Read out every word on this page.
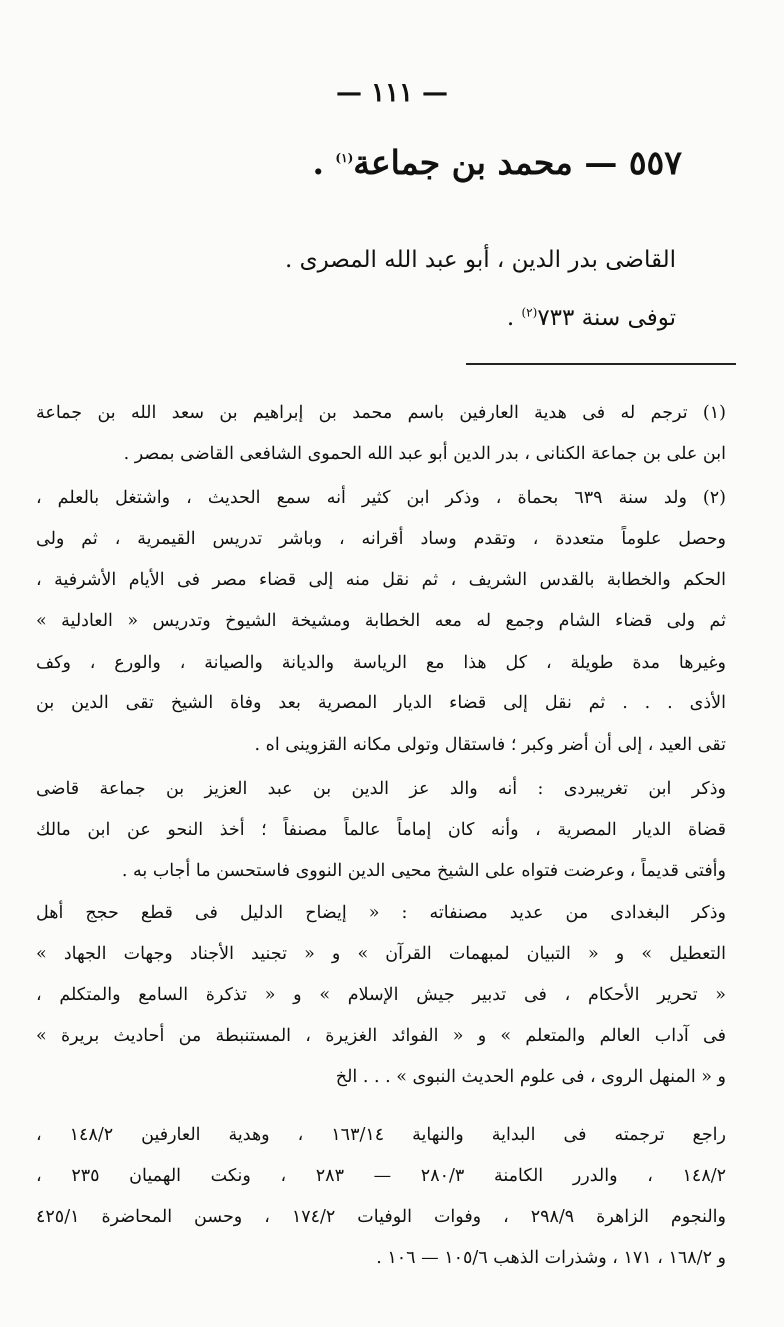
— ١١١ —
٥٥٧ — محمد بن جماعة$^{(١)}$ .
القاضى بدر الدين ، أبو عبد الله المصرى .
توفى سنة ٧٣٣$^{(٢)}$ .
(١) ترجم له فى هدية العارفين باسم محمد بن إبراهيم بن سعد الله بن جماعة
ابن على بن جماعة الكنانى ، بدر الدين أبو عبد الله الحموى الشافعى القاضى بمصر .
(٢) ولد سنة ٦٣٩ بحماة ، وذكر ابن كثير أنه سمع الحديث ، واشتغل بالعلم ،
وحصل علوماً متعددة ، وتقدم وساد أقرانه ، وباشر تدريس القيمرية ، ثم ولى
الحكم والخطابة بالقدس الشريف ، ثم نقل منه إلى قضاء مصر فى الأيام الأشرفية ،
ثم ولى قضاء الشام وجمع له معه الخطابة ومشيخة الشيوخ وتدريس « العادلية »
وغيرها مدة طويلة ، كل هذا مع الرياسة والديانة والصيانة ، والورع ، وكف
الأذى . . . ثم نقل إلى قضاء الديار المصرية بعد وفاة الشيخ تقى الدين بن
تقى العيد ، إلى أن أضر وكبر ؛ فاستقال وتولى مكانه القزوينى اه .
وذكر ابن تغريبردى : أنه والد عز الدين بن عبد العزيز بن جماعة قاضى
قضاة الديار المصرية ، وأنه كان إماماً عالماً مصنفاً ؛ أخذ النحو عن ابن مالك
وأفتى قديماً ، وعرضت فتواه على الشيخ محيى الدين النووى فاستحسن ما أجاب به .
وذكر البغدادى من عديد مصنفاته : « إيضاح الدليل فى قطع حجج أهل
التعطيل » و « التبيان لمبهمات القرآن » و « تجنيد الأجناد وجهات الجهاد »
« تحرير الأحكام ، فى تدبير جيش الإسلام » و « تذكرة السامع والمتكلم ،
فى آداب العالم والمتعلم » و « الفوائد الغزيرة ، المستنبطة من أحاديث بريرة »
و « المنهل الروى ، فى علوم الحديث النبوى » . . . الخ
راجع ترجمته فى البداية والنهاية ١٦٣/١٤ ، وهدية العارفين ١٤٨/٢ ،
١٤٨/٢ ، والدرر الكامنة ٢٨٠/٣ — ٢٨٣ ، ونكت الهميان ٢٣٥ ،
والنجوم الزاهرة ٢٩٨/٩ ، وفوات الوفيات ١٧٤/٢ ، وحسن المحاضرة ٤٢٥/١
و ١٦٨/٢ ، ١٧١ ، وشذرات الذهب ١٠٥/٦ — ١٠٦ .
